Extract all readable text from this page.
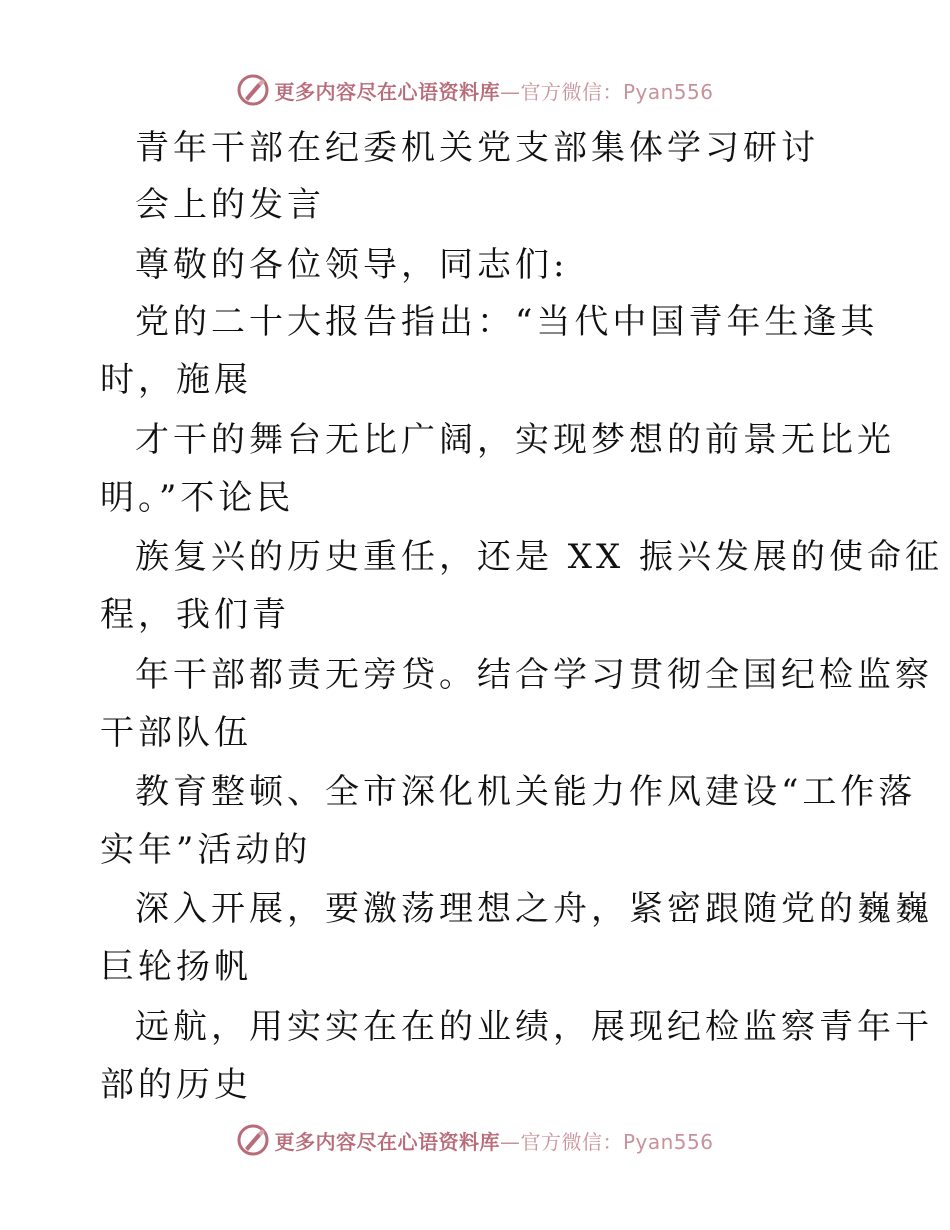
更多内容尽在心语资料库—官方微信：Pyan556
青年干部在纪委机关党支部集体学习研讨
会上的发言
尊敬的各位领导，同志们:
党的二十大报告指出：“当代中国青年生逢其
时，施展
才干的舞台无比广阔，实现梦想的前景无比光
明。”不论民
族复兴的历史重任，还是 XX 振兴发展的使命征
程，我们青
年干部都责无旁贷。结合学习贯彻全国纪检监察
干部队伍
教育整顿、全市深化机关能力作风建设“工作落
实年”活动的
深入开展，要激荡理想之舟，紧密跟随党的巍巍
巨轮扬帆
远航，用实实在在的业绩，展现纪检监察青年干
部的历史
更多内容尽在心语资料库—官方微信：Pyan556
